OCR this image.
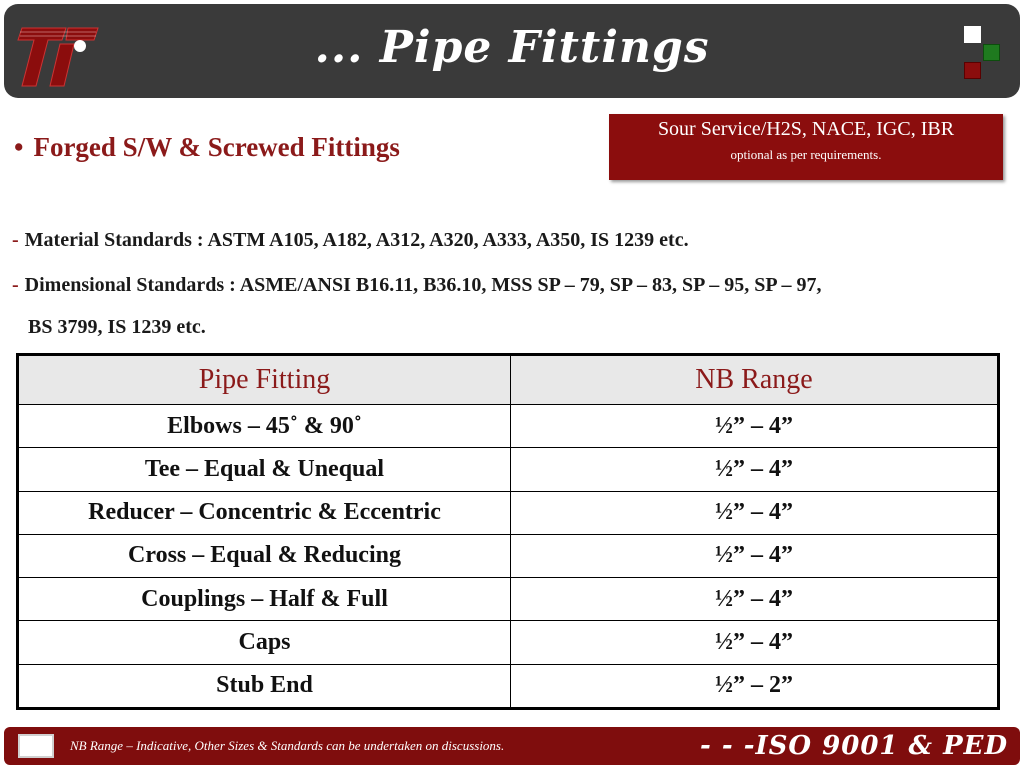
... Pipe Fittings
• Forged S/W & Screwed Fittings
Sour Service/H2S, NACE, IGC, IBR
optional as per requirements.
- Material Standards : ASTM A105, A182, A312, A320, A333, A350, IS 1239 etc.
- Dimensional Standards : ASME/ANSI B16.11, B36.10, MSS SP – 79, SP – 83, SP – 95, SP – 97,
BS 3799, IS 1239 etc.
Pipe Fitting	NB Range
Elbows – 45˚ & 90˚	½” – 4”
Tee – Equal & Unequal	½” – 4”
Reducer – Concentric & Eccentric	½” – 4”
Cross – Equal & Reducing	½” – 4”
Couplings – Half & Full	½” – 4”
Caps	½” – 4”
Stub End	½” – 2”
NB Range – Indicative, Other Sizes & Standards can be undertaken on discussions.	- - -ISO 9001 & PED
